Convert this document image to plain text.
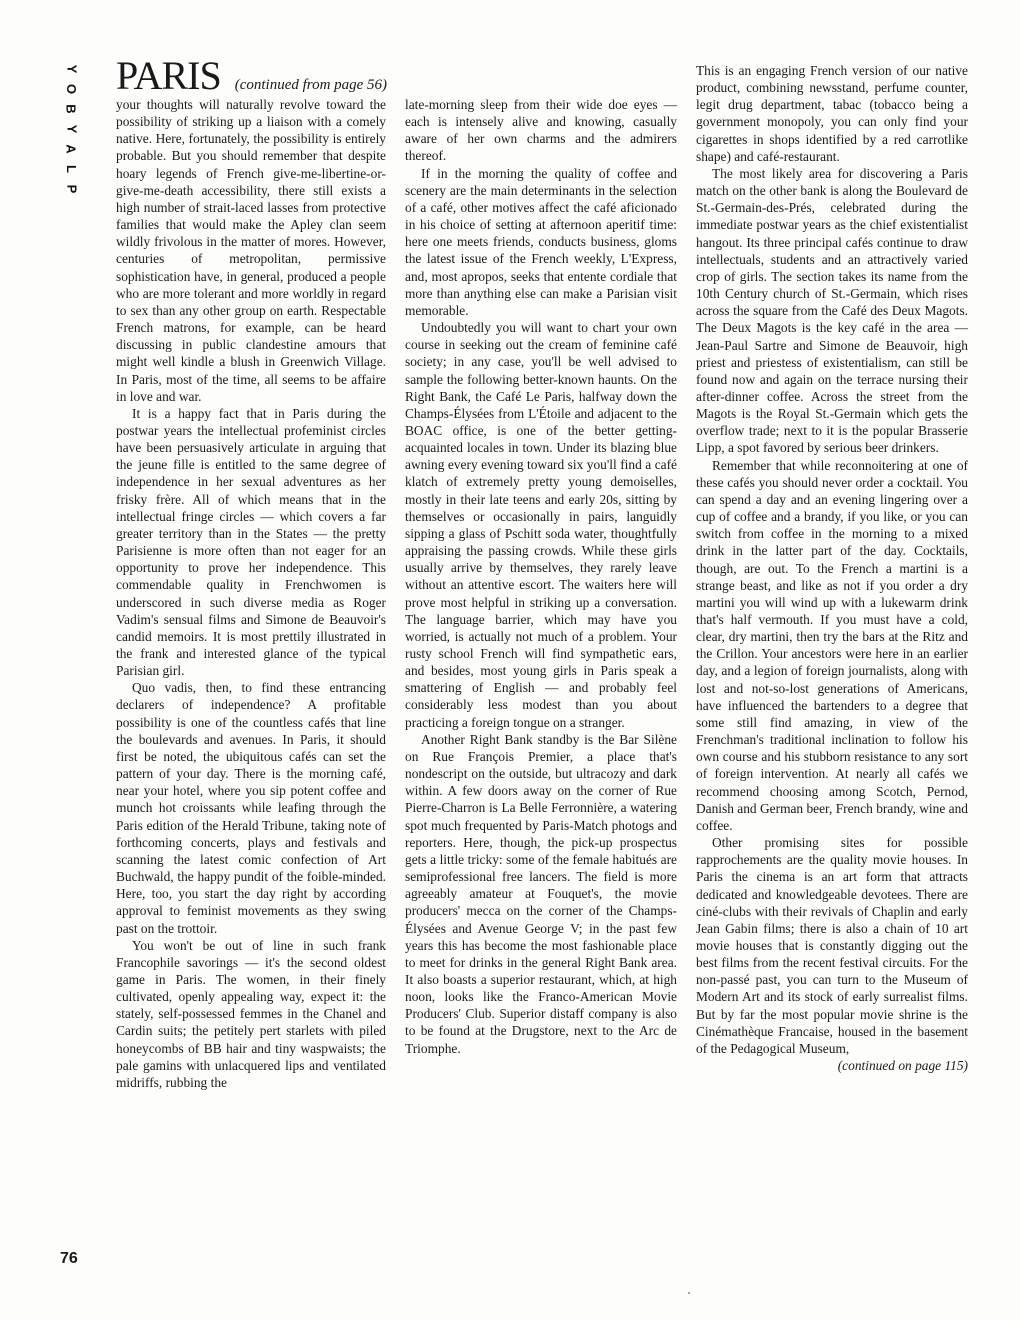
Y
O
B
Y
A
L
P
PARIS (continued from page 56)

your thoughts will naturally revolve toward the possibility of striking up a liaison with a comely native. Here, fortunately, the possibility is entirely probable. But you should remember that despite hoary legends of French give-me-libertine-or-give-me-death accessibility, there still exists a high number of strait-laced lasses from protective families that would make the Apley clan seem wildly frivolous in the matter of mores. However, centuries of metropolitan, permissive sophistication have, in general, produced a people who are more tolerant and more worldly in regard to sex than any other group on earth. Respectable French matrons, for example, can be heard discussing in public clandestine amours that might well kindle a blush in Greenwich Village. In Paris, most of the time, all seems to be affaire in love and war.

It is a happy fact that in Paris during the postwar years the intellectual profeminist circles have been persuasively articulate in arguing that the jeune fille is entitled to the same degree of independence in her sexual adventures as her frisky frère. All of which means that in the intellectual fringe circles — which covers a far greater territory than in the States — the pretty Parisienne is more often than not eager for an opportunity to prove her independence. This commendable quality in Frenchwomen is underscored in such diverse media as Roger Vadim's sensual films and Simone de Beauvoir's candid memoirs. It is most prettily illustrated in the frank and interested glance of the typical Parisian girl.

Quo vadis, then, to find these entrancing declarers of independence? A profitable possibility is one of the countless cafés that line the boulevards and avenues. In Paris, it should first be noted, the ubiquitous cafés can set the pattern of your day. There is the morning café, near your hotel, where you sip potent coffee and munch hot croissants while leafing through the Paris edition of the Herald Tribune, taking note of forthcoming concerts, plays and festivals and scanning the latest comic confection of Art Buchwald, the happy pundit of the foible-minded. Here, too, you start the day right by according approval to feminist movements as they swing past on the trottoir.

You won't be out of line in such frank Francophile savorings — it's the second oldest game in Paris. The women, in their finely cultivated, openly appealing way, expect it: the stately, self-possessed femmes in the Chanel and Cardin suits; the petitely pert starlets with piled honeycombs of BB hair and tiny waspwaists; the pale gamins with unlacquered lips and ventilated midriffs, rubbing the

late-morning sleep from their wide doe eyes — each is intensely alive and knowing, casually aware of her own charms and the admirers thereof.

If in the morning the quality of coffee and scenery are the main determinants in the selection of a café, other motives affect the café aficionado in his choice of setting at afternoon aperitif time: here one meets friends, conducts business, gloms the latest issue of the French weekly, L'Express, and, most apropos, seeks that entente cordiale that more than anything else can make a Parisian visit memorable.

Undoubtedly you will want to chart your own course in seeking out the cream of feminine café society; in any case, you'll be well advised to sample the following better-known haunts. On the Right Bank, the Café Le Paris, halfway down the Champs-Élysées from L'Étoile and adjacent to the BOAC office, is one of the better getting-acquainted locales in town. Under its blazing blue awning every evening toward six you'll find a café klatch of extremely pretty young demoiselles, mostly in their late teens and early 20s, sitting by themselves or occasionally in pairs, languidly sipping a glass of Pschitt soda water, thoughtfully appraising the passing crowds. While these girls usually arrive by themselves, they rarely leave without an attentive escort. The waiters here will prove most helpful in striking up a conversation. The language barrier, which may have you worried, is actually not much of a problem. Your rusty school French will find sympathetic ears, and besides, most young girls in Paris speak a smattering of English — and probably feel considerably less modest than you about practicing a foreign tongue on a stranger.

Another Right Bank standby is the Bar Silène on Rue François Premier, a place that's nondescript on the outside, but ultracozy and dark within. A few doors away on the corner of Rue Pierre-Charron is La Belle Ferronnière, a watering spot much frequented by Paris-Match photogs and reporters. Here, though, the pick-up prospectus gets a little tricky: some of the female habitués are semiprofessional free lancers. The field is more agreeably amateur at Fouquet's, the movie producers' mecca on the corner of the Champs-Élysées and Avenue George V; in the past few years this has become the most fashionable place to meet for drinks in the general Right Bank area. It also boasts a superior restaurant, which, at high noon, looks like the Franco-American Movie Producers' Club. Superior distaff company is also to be found at the Drugstore, next to the Arc de Triomphe.

This is an engaging French version of our native product, combining newsstand, perfume counter, legit drug department, tabac (tobacco being a government monopoly, you can only find your cigarettes in shops identified by a red carrotlike shape) and café-restaurant.

The most likely area for discovering a Paris match on the other bank is along the Boulevard de St.-Germain-des-Prés, celebrated during the immediate postwar years as the chief existentialist hangout. Its three principal cafés continue to draw intellectuals, students and an attractively varied crop of girls. The section takes its name from the 10th Century church of St.-Germain, which rises across the square from the Café des Deux Magots. The Deux Magots is the key café in the area — Jean-Paul Sartre and Simone de Beauvoir, high priest and priestess of existentialism, can still be found now and again on the terrace nursing their after-dinner coffee. Across the street from the Magots is the Royal St.-Germain which gets the overflow trade; next to it is the popular Brasserie Lipp, a spot favored by serious beer drinkers.

Remember that while reconnoitering at one of these cafés you should never order a cocktail. You can spend a day and an evening lingering over a cup of coffee and a brandy, if you like, or you can switch from coffee in the morning to a mixed drink in the latter part of the day. Cocktails, though, are out. To the French a martini is a strange beast, and like as not if you order a dry martini you will wind up with a lukewarm drink that's half vermouth. If you must have a cold, clear, dry martini, then try the bars at the Ritz and the Crillon. Your ancestors were here in an earlier day, and a legion of foreign journalists, along with lost and not-so-lost generations of Americans, have influenced the bartenders to a degree that some still find amazing, in view of the Frenchman's traditional inclination to follow his own course and his stubborn resistance to any sort of foreign intervention. At nearly all cafés we recommend choosing among Scotch, Pernod, Danish and German beer, French brandy, wine and coffee.

Other promising sites for possible rapprochements are the quality movie houses. In Paris the cinema is an art form that attracts dedicated and knowledgeable devotees. There are ciné-clubs with their revivals of Chaplin and early Jean Gabin films; there is also a chain of 10 art movie houses that is constantly digging out the best films from the recent festival circuits. For the non-passé past, you can turn to the Museum of Modern Art and its stock of early surrealist films. But by far the most popular movie shrine is the Cinémathèque Francaise, housed in the basement of the Pedagogical Museum,

(continued on page 115)
76
